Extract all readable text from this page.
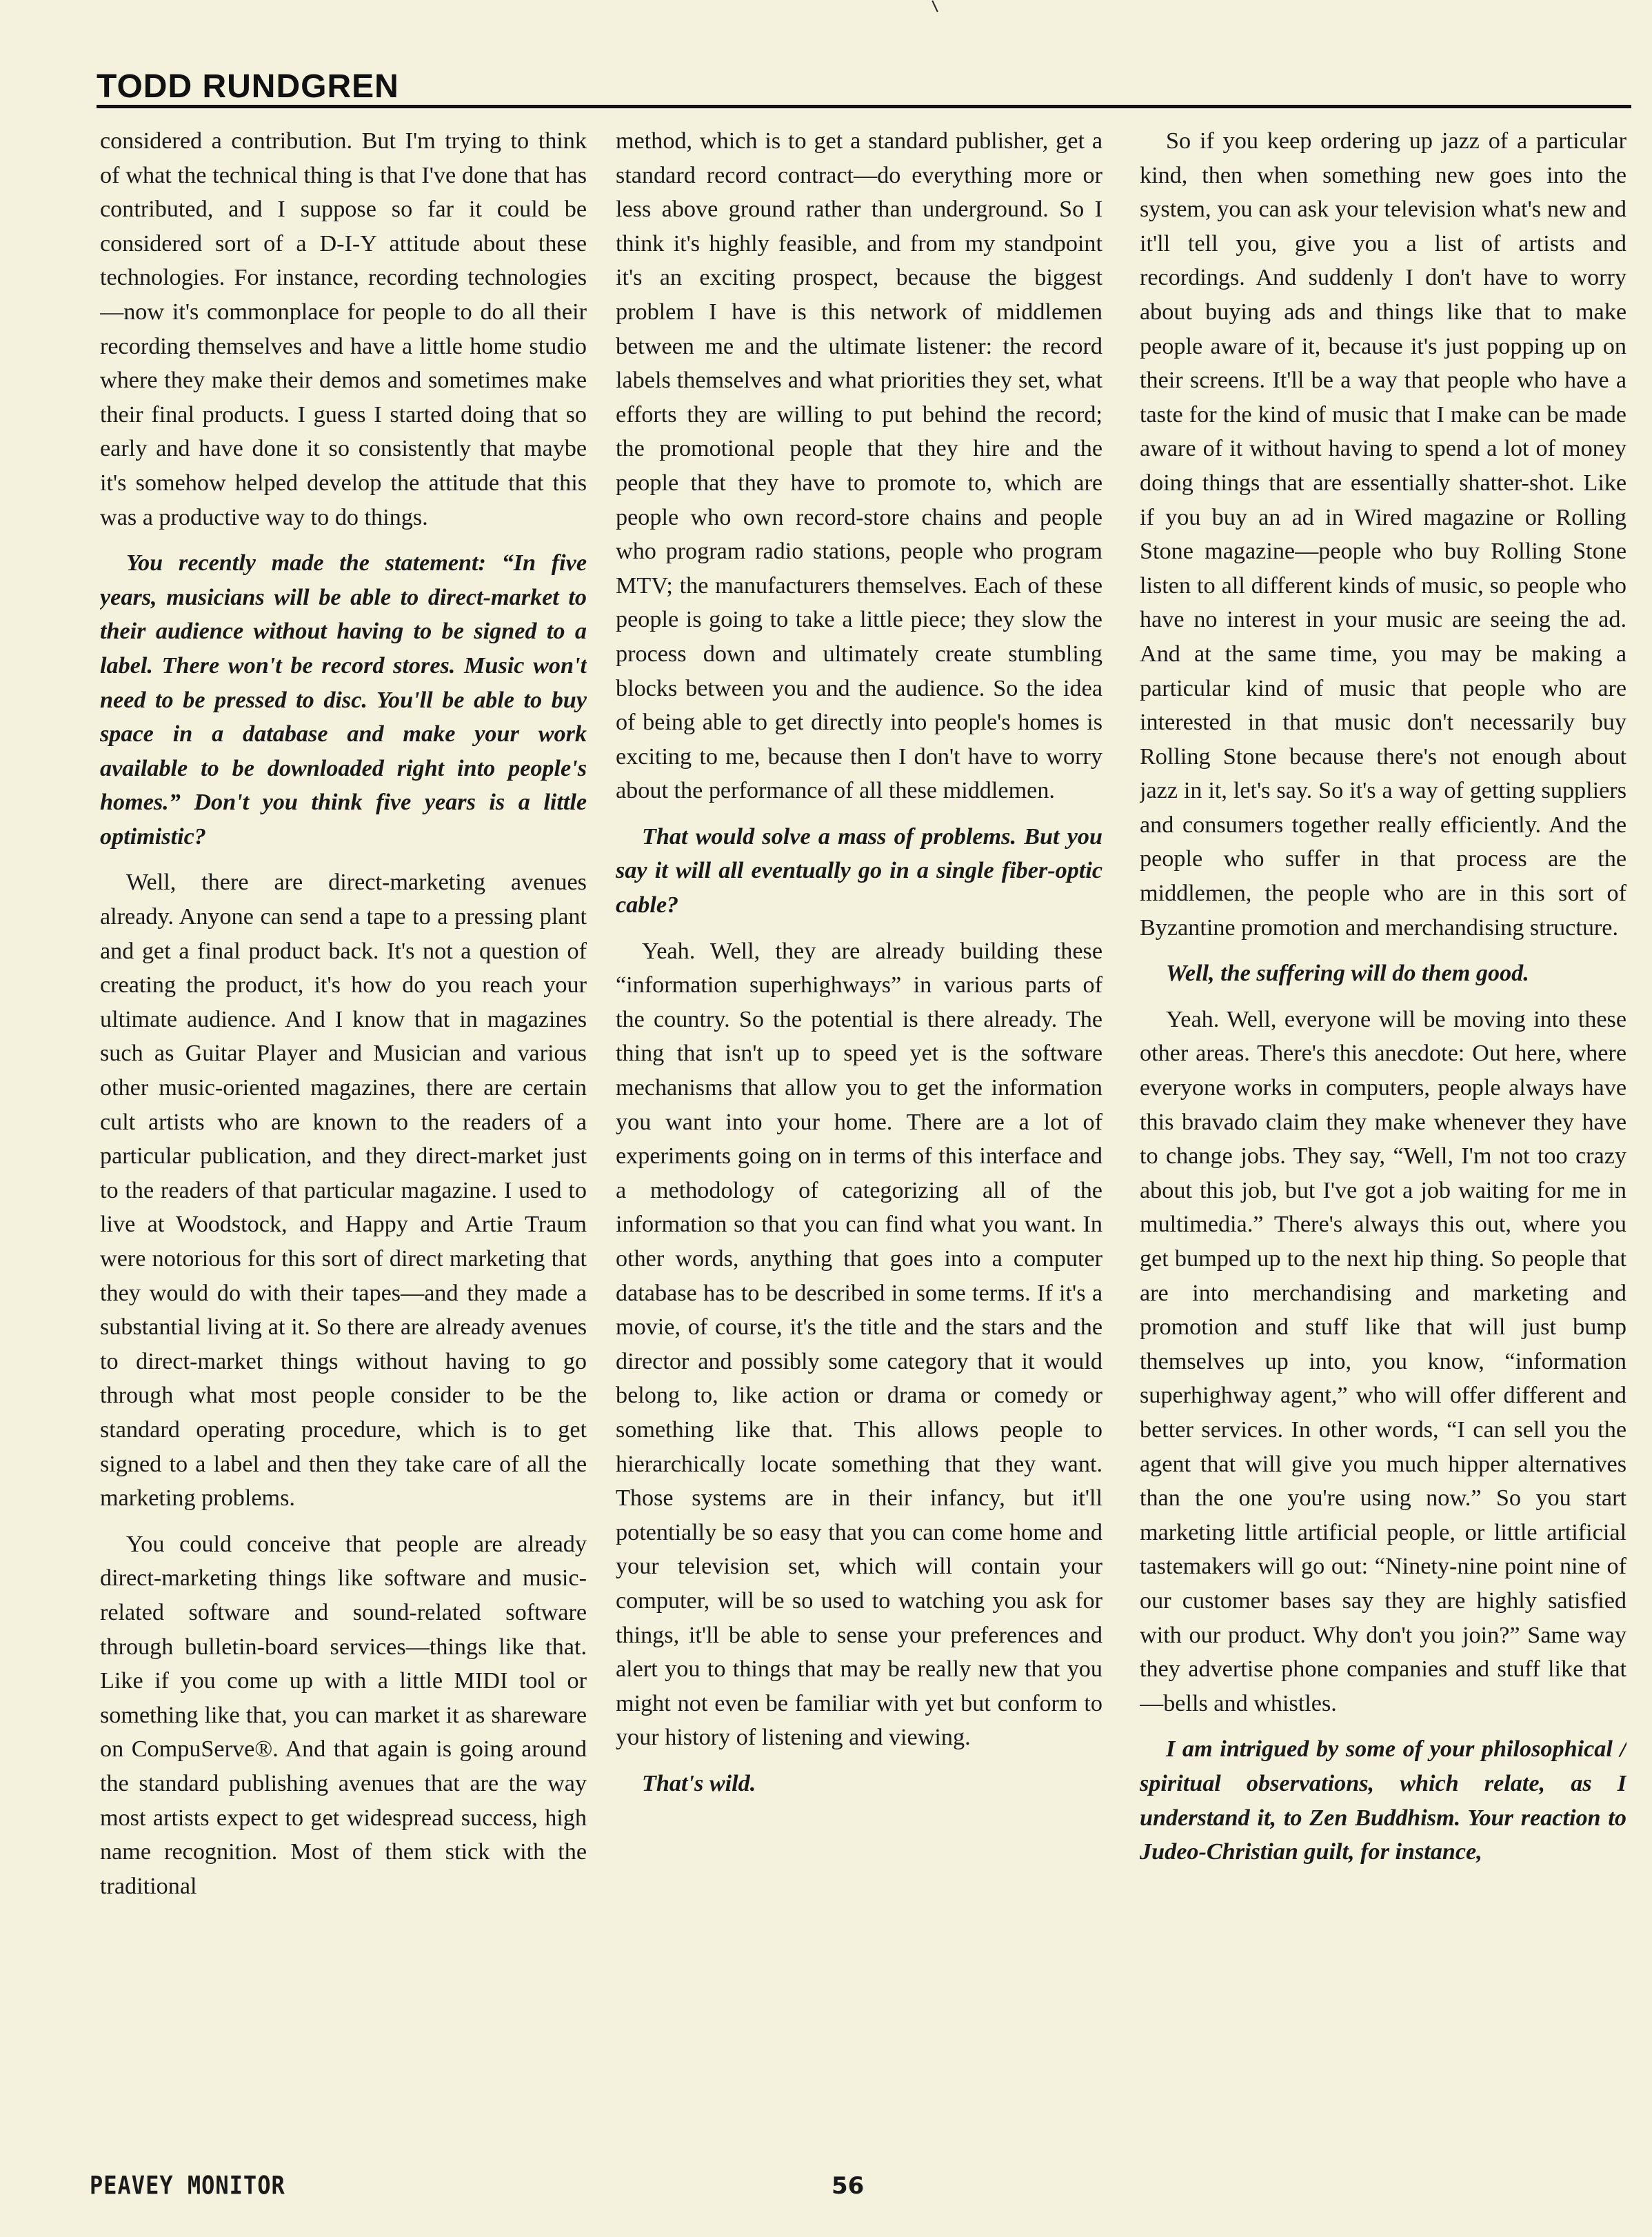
TODD RUNDGREN

considered a contribution. But I'm trying to think of what the technical thing is that I've done that has contributed, and I suppose so far it could be considered sort of a D-I-Y attitude about these technologies. For instance, recording technologies—now it's commonplace for people to do all their recording themselves and have a little home studio where they make their demos and sometimes make their final products. I guess I started doing that so early and have done it so consistently that maybe it's somehow helped develop the attitude that this was a productive way to do things.

You recently made the statement: “In five years, musicians will be able to direct-market to their audience without having to be signed to a label. There won't be record stores. Music won't need to be pressed to disc. You'll be able to buy space in a database and make your work available to be downloaded right into people's homes.” Don't you think five years is a little optimistic?

Well, there are direct-marketing avenues already. Anyone can send a tape to a pressing plant and get a final product back. It's not a question of creating the product, it's how do you reach your ultimate audience. And I know that in magazines such as Guitar Player and Musician and various other music-oriented magazines, there are certain cult artists who are known to the readers of a particular publication, and they direct-market just to the readers of that particular magazine. I used to live at Woodstock, and Happy and Artie Traum were notorious for this sort of direct marketing that they would do with their tapes—and they made a substantial living at it. So there are already avenues to direct-market things without having to go through what most people consider to be the standard operating procedure, which is to get signed to a label and then they take care of all the marketing problems.

You could conceive that people are already direct-marketing things like software and music-related software and sound-related software through bulletin-board services—things like that. Like if you come up with a little MIDI tool or something like that, you can market it as shareware on CompuServe®. And that again is going around the standard publishing avenues that are the way most artists expect to get widespread success, high name recognition. Most of them stick with the traditional

method, which is to get a standard publisher, get a standard record contract—do everything more or less above ground rather than underground. So I think it's highly feasible, and from my standpoint it's an exciting prospect, because the biggest problem I have is this network of middlemen between me and the ultimate listener: the record labels themselves and what priorities they set, what efforts they are willing to put behind the record; the promotional people that they hire and the people that they have to promote to, which are people who own record-store chains and people who program radio stations, people who program MTV; the manufacturers themselves. Each of these people is going to take a little piece; they slow the process down and ultimately create stumbling blocks between you and the audience. So the idea of being able to get directly into people's homes is exciting to me, because then I don't have to worry about the performance of all these middlemen.

That would solve a mass of problems. But you say it will all eventually go in a single fiber-optic cable?

Yeah. Well, they are already building these “information superhighways” in various parts of the country. So the potential is there already. The thing that isn't up to speed yet is the software mechanisms that allow you to get the information you want into your home. There are a lot of experiments going on in terms of this interface and a methodology of categorizing all of the information so that you can find what you want. In other words, anything that goes into a computer database has to be described in some terms. If it's a movie, of course, it's the title and the stars and the director and possibly some category that it would belong to, like action or drama or comedy or something like that. This allows people to hierarchically locate something that they want. Those systems are in their infancy, but it'll potentially be so easy that you can come home and your television set, which will contain your computer, will be so used to watching you ask for things, it'll be able to sense your preferences and alert you to things that may be really new that you might not even be familiar with yet but conform to your history of listening and viewing.

That's wild.

So if you keep ordering up jazz of a particular kind, then when something new goes into the system, you can ask your television what's new and it'll tell you, give you a list of artists and recordings. And suddenly I don't have to worry about buying ads and things like that to make people aware of it, because it's just popping up on their screens. It'll be a way that people who have a taste for the kind of music that I make can be made aware of it without having to spend a lot of money doing things that are essentially shatter-shot. Like if you buy an ad in Wired magazine or Rolling Stone magazine—people who buy Rolling Stone listen to all different kinds of music, so people who have no interest in your music are seeing the ad. And at the same time, you may be making a particular kind of music that people who are interested in that music don't necessarily buy Rolling Stone because there's not enough about jazz in it, let's say. So it's a way of getting suppliers and consumers together really efficiently. And the people who suffer in that process are the middlemen, the people who are in this sort of Byzantine promotion and merchandising structure.

Well, the suffering will do them good.

Yeah. Well, everyone will be moving into these other areas. There's this anecdote: Out here, where everyone works in computers, people always have this bravado claim they make whenever they have to change jobs. They say, “Well, I'm not too crazy about this job, but I've got a job waiting for me in multimedia.” There's always this out, where you get bumped up to the next hip thing. So people that are into merchandising and marketing and promotion and stuff like that will just bump themselves up into, you know, “information superhighway agent,” who will offer different and better services. In other words, “I can sell you the agent that will give you much hipper alternatives than the one you're using now.” So you start marketing little artificial people, or little artificial tastemakers will go out: “Ninety-nine point nine of our customer bases say they are highly satisfied with our product. Why don't you join?” Same way they advertise phone companies and stuff like that—bells and whistles.

I am intrigued by some of your philosophical / spiritual observations, which relate, as I understand it, to Zen Buddhism. Your reaction to Judeo-Christian guilt, for instance,

PEAVEY MONITOR	56
